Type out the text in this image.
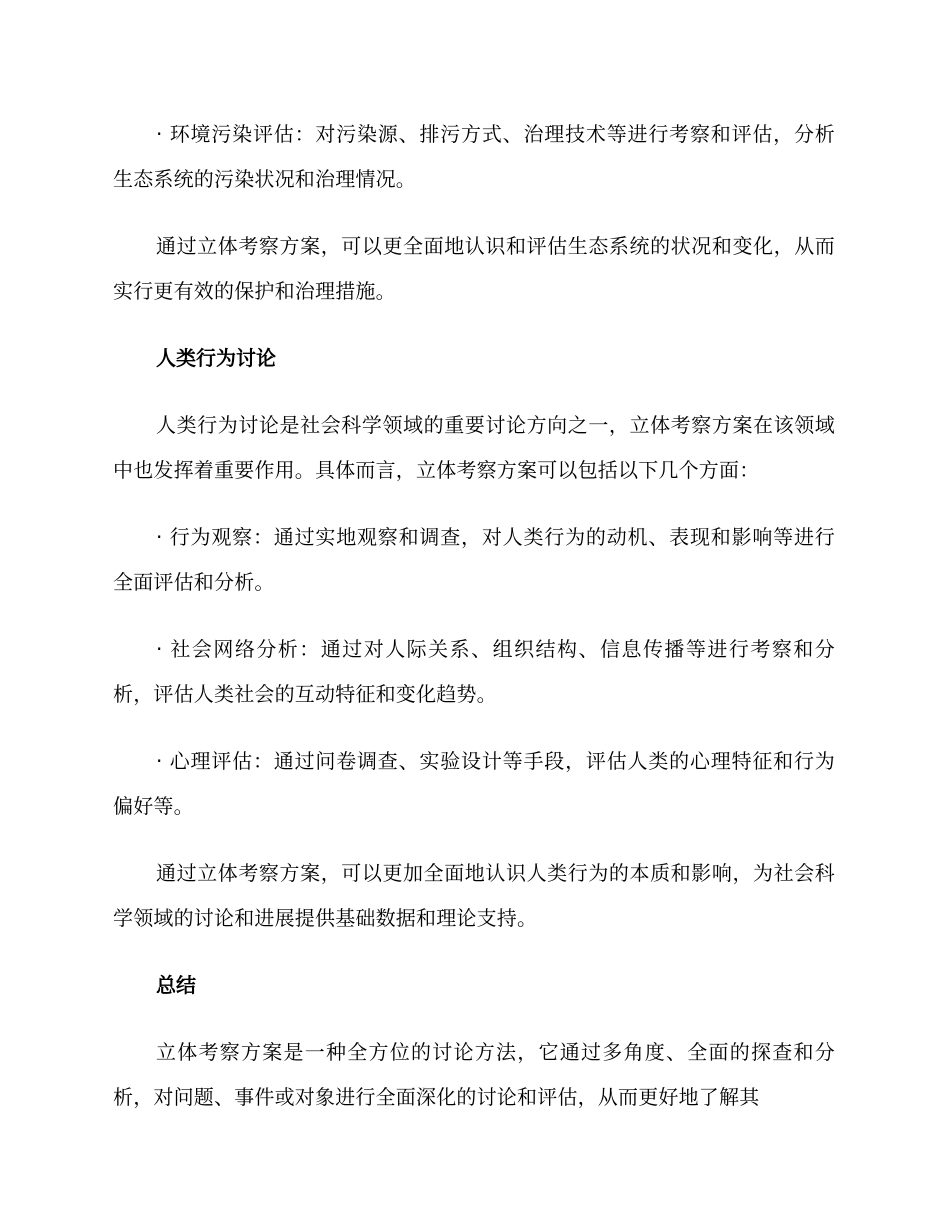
· 环境污染评估：对污染源、排污方式、治理技术等进行考察和评估，分析生态系统的污染状况和治理情况。

通过立体考察方案，可以更全面地认识和评估生态系统的状况和变化，从而实行更有效的保护和治理措施。

人类行为讨论

人类行为讨论是社会科学领域的重要讨论方向之一，立体考察方案在该领域中也发挥着重要作用。具体而言，立体考察方案可以包括以下几个方面：

· 行为观察：通过实地观察和调查，对人类行为的动机、表现和影响等进行全面评估和分析。

· 社会网络分析：通过对人际关系、组织结构、信息传播等进行考察和分析，评估人类社会的互动特征和变化趋势。

· 心理评估：通过问卷调查、实验设计等手段，评估人类的心理特征和行为偏好等。

通过立体考察方案，可以更加全面地认识人类行为的本质和影响，为社会科学领域的讨论和进展提供基础数据和理论支持。

总结

立体考察方案是一种全方位的讨论方法，它通过多角度、全面的探查和分析，对问题、事件或对象进行全面深化的讨论和评估，从而更好地了解其
